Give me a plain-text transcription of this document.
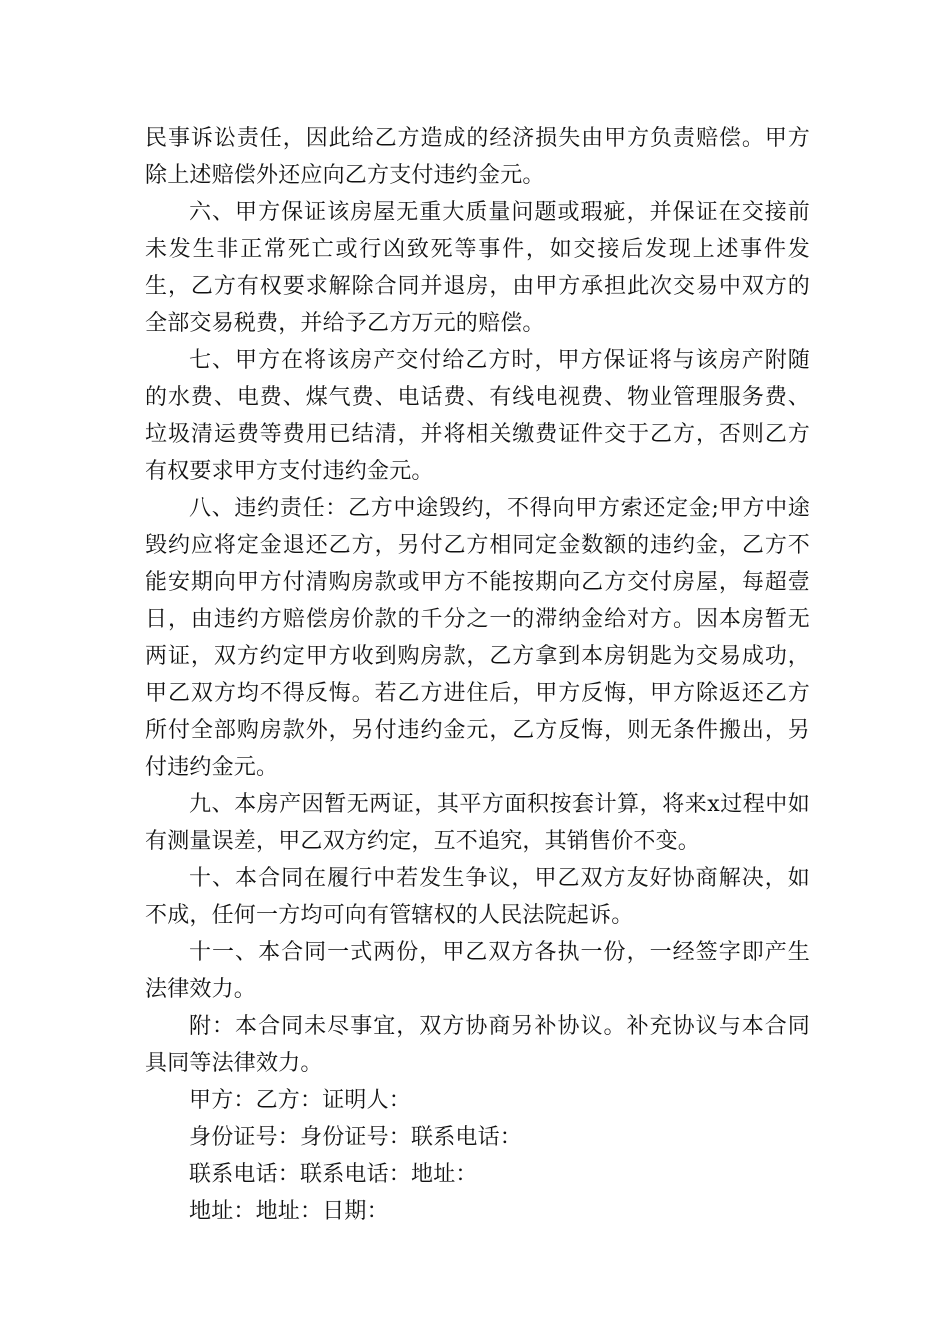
民事诉讼责任，因此给乙方造成的经济损失由甲方负责赔偿。甲方除上述赔偿外还应向乙方支付违约金元。

六、甲方保证该房屋无重大质量问题或瑕疵，并保证在交接前未发生非正常死亡或行凶致死等事件，如交接后发现上述事件发生，乙方有权要求解除合同并退房，由甲方承担此次交易中双方的全部交易税费，并给予乙方万元的赔偿。

七、甲方在将该房产交付给乙方时，甲方保证将与该房产附随的水费、电费、煤气费、电话费、有线电视费、物业管理服务费、垃圾清运费等费用已结清，并将相关缴费证件交于乙方，否则乙方有权要求甲方支付违约金元。

八、违约责任：乙方中途毁约，不得向甲方索还定金;甲方中途毁约应将定金退还乙方，另付乙方相同定金数额的违约金，乙方不能安期向甲方付清购房款或甲方不能按期向乙方交付房屋，每超壹日，由违约方赔偿房价款的千分之一的滞纳金给对方。因本房暂无两证，双方约定甲方收到购房款，乙方拿到本房钥匙为交易成功，甲乙双方均不得反悔。若乙方进住后，甲方反悔，甲方除返还乙方所付全部购房款外，另付违约金元，乙方反悔，则无条件搬出，另付违约金元。

九、本房产因暂无两证，其平方面积按套计算，将来x过程中如有测量误差，甲乙双方约定，互不追究，其销售价不变。

十、本合同在履行中若发生争议，甲乙双方友好协商解决，如不成，任何一方均可向有管辖权的人民法院起诉。

十一、本合同一式两份，甲乙双方各执一份，一经签字即产生法律效力。

附：本合同未尽事宜，双方协商另补协议。补充协议与本合同具同等法律效力。

甲方：乙方：证明人：

身份证号：身份证号：联系电话：

联系电话：联系电话：地址：

地址：地址：日期：
